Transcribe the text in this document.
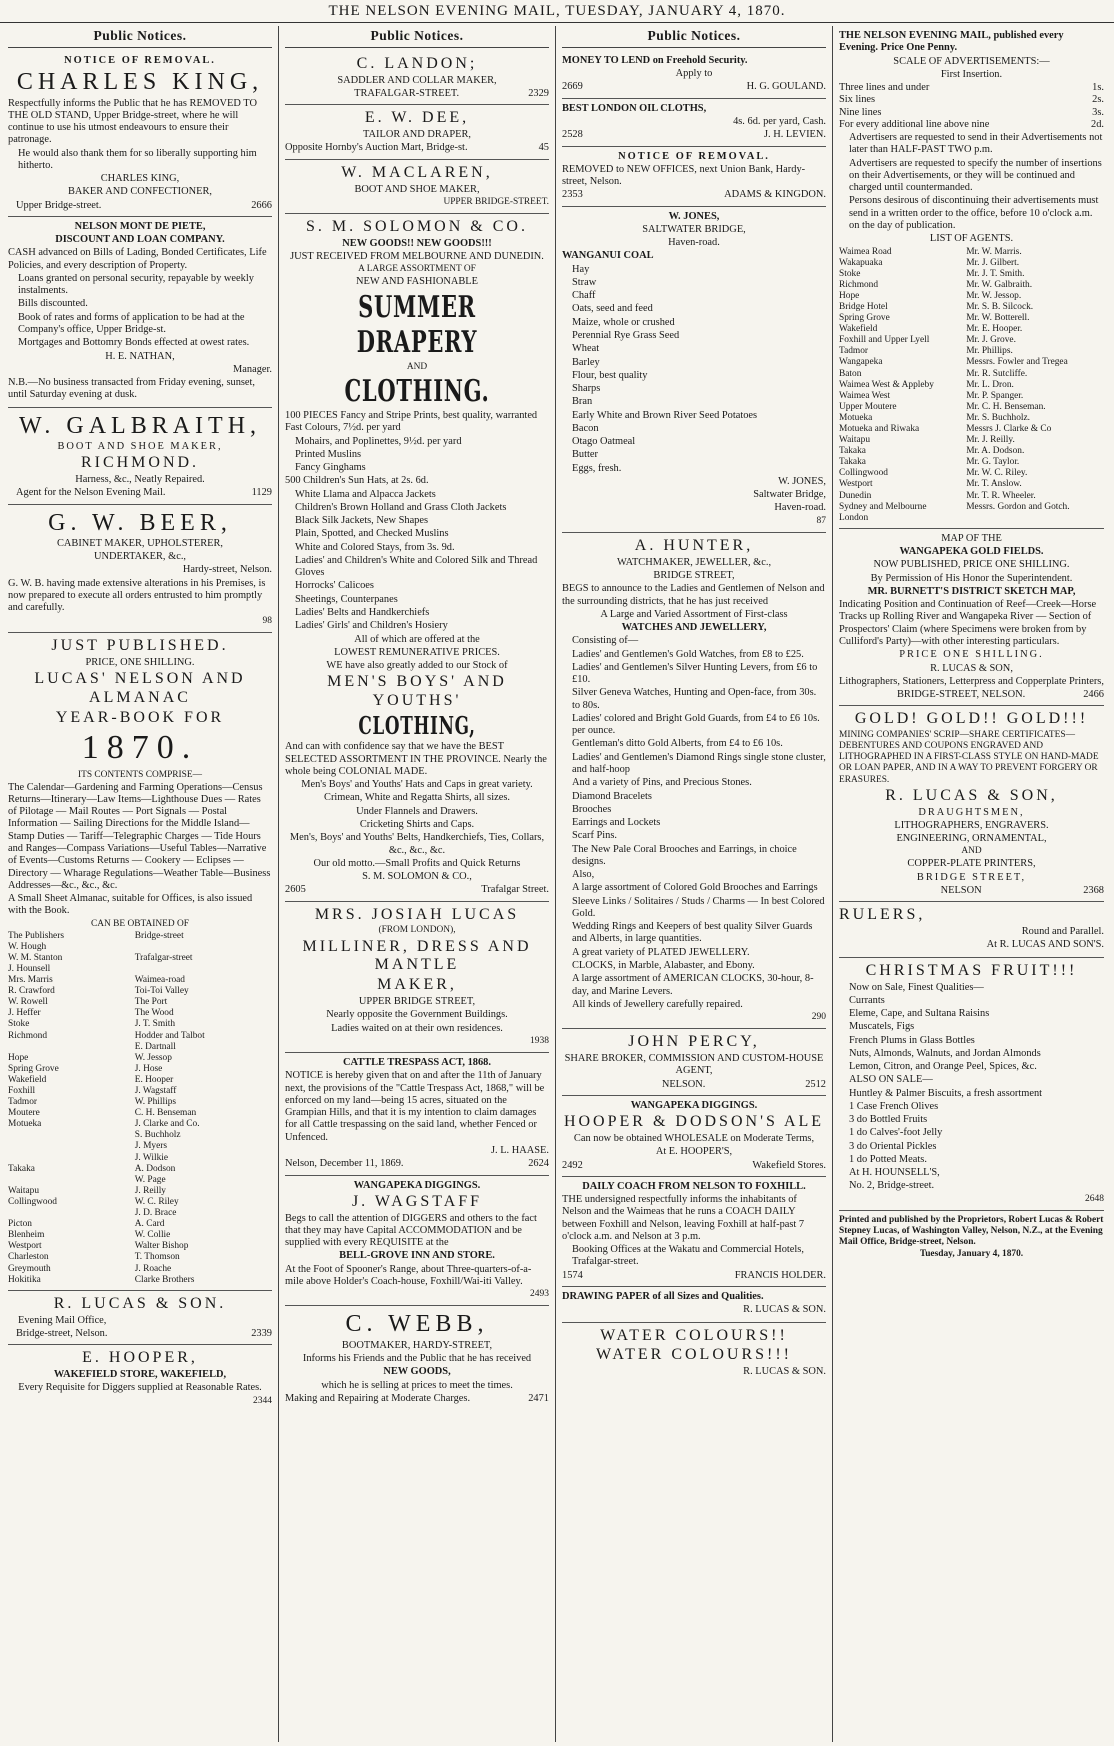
THE NELSON EVENING MAIL, TUESDAY, JANUARY 4, 1870.
Public Notices.

NOTICE OF REMOVAL.

CHARLES KING,

Respectfully informs the Public that he has REMOVED TO THE OLD STAND, Upper Bridge-street, where he will continue to use his utmost endeavours to ensure their patronage.

He would also thank them for so liberally supporting him hitherto.

CHARLES KING,

BAKER AND CONFECTIONER,

Upper Bridge-street.	2666

NELSON MONT DE PIETE,

DISCOUNT AND LOAN COMPANY.

CASH advanced on Bills of Lading, Bonded Certificates, Life Policies, and every description of Property.

Loans granted on personal security, repayable by weekly instalments.

Bills discounted.

Book of rates and forms of application to be had at the Company's office, Upper Bridge-st.

Mortgages and Bottomry Bonds effected at owest rates.

H. E. NATHAN,

Manager.

N.B.—No business transacted from Friday evening, sunset, until Saturday evening at dusk.

W. GALBRAITH,

BOOT AND SHOE MAKER,

RICHMOND.

Harness, &c., Neatly Repaired.

Agent for the Nelson Evening Mail.	1129

G. W. BEER,

CABINET MAKER, UPHOLSTERER,

UNDERTAKER, &c.,

Hardy-street, Nelson.

G. W. B. having made extensive alterations in his Premises, is now prepared to execute all orders entrusted to him promptly and carefully.

98

JUST PUBLISHED.

PRICE, ONE SHILLING.

LUCAS' NELSON AND ALMANAC

YEAR-BOOK FOR

1870.

ITS CONTENTS COMPRISE—

The Calendar—Gardening and Farming Operations—Census Returns—Itinerary—Law Items—Lighthouse Dues — Rates of Pilotage — Mail Routes — Port Signals — Postal Information — Sailing Directions for the Middle Island—Stamp Duties — Tariff—Telegraphic Charges — Tide Hours and Ranges—Compass Variations—Useful Tables—Narrative of Events—Customs Returns — Cookery — Eclipses — Directory — Wharage Regulations—Weather Table—Business Addresses—&c., &c., &c.

A Small Sheet Almanac, suitable for Offices, is also issued with the Book.

CAN BE OBTAINED OF

The Publishers	Bridge-street
W. Hough
W. M. Stanton	Trafalgar-street
J. Hounsell
Mrs. Marris	Waimea-road
R. Crawford	Toi-Toi Valley
W. Rowell	The Port
J. Heffer	The Wood
Stoke	J. T. Smith
Richmond	Hodder and Talbot
E. Dartnall
Hope	W. Jessop
Spring Grove	J. Hose
Wakefield	E. Hooper
Foxhill	J. Wagstaff
Tadmor	W. Phillips
Moutere	C. H. Benseman
Motueka	J. Clarke and Co.
S. Buchholz
J. Myers
J. Wilkie
Takaka	A. Dodson
W. Page
Waitapu	J. Reilly
Collingwood	W. C. Riley
J. D. Brace
Picton	A. Card
Blenheim	W. Collie
Westport	Walter Bishop
Charleston	T. Thomson
Greymouth	J. Roache
Hokitika	Clarke Brothers

R. LUCAS & SON.

Evening Mail Office,

Bridge-street, Nelson.	2339

E. HOOPER,

WAKEFIELD STORE, WAKEFIELD,

Every Requisite for Diggers supplied at Reasonable Rates.

2344

Public Notices.

C. LANDON;

SADDLER AND COLLAR MAKER,

TRAFALGAR-STREET.	2329

E. W. DEE,

TAILOR AND DRAPER,

Opposite Hornby's Auction Mart, Bridge-st.	45

W. MACLAREN,

BOOT AND SHOE MAKER,

UPPER BRIDGE-STREET.

S. M. SOLOMON & CO.

NEW GOODS!! NEW GOODS!!!

JUST RECEIVED FROM MELBOURNE AND DUNEDIN.

A LARGE ASSORTMENT OF

NEW AND FASHIONABLE

SUMMER DRAPERY

AND

CLOTHING.

100 PIECES Fancy and Stripe Prints, best quality, warranted Fast Colours, 7½d. per yard

Mohairs, and Poplinettes, 9½d. per yard

Printed Muslins

Fancy Ginghams

500 Children's Sun Hats, at 2s. 6d.

White Llama and Alpacca Jackets

Children's Brown Holland and Grass Cloth Jackets

Black Silk Jackets, New Shapes

Plain, Spotted, and Checked Muslins

White and Colored Stays, from 3s. 9d.

Ladies' and Children's White and Colored Silk and Thread Gloves

Horrocks' Calicoes

Sheetings, Counterpanes

Ladies' Belts and Handkerchiefs

Ladies' Girls' and Children's Hosiery

All of which are offered at the

LOWEST REMUNERATIVE PRICES.

WE have also greatly added to our Stock of

MEN'S BOYS' AND YOUTHS'

CLOTHING,

And can with confidence say that we have the BEST SELECTED ASSORTMENT IN THE PROVINCE. Nearly the whole being COLONIAL MADE.

Men's Boys' and Youths' Hats and Caps in great variety.

Crimean, White and Regatta Shirts, all sizes.

Under Flannels and Drawers.

Cricketing Shirts and Caps.

Men's, Boys' and Youths' Belts, Handkerchiefs, Ties, Collars, &c., &c., &c.

Our old motto.—Small Profits and Quick Returns

S. M. SOLOMON & CO.,

2605	Trafalgar Street.

MRS. JOSIAH LUCAS

(FROM LONDON),

MILLINER, DRESS AND MANTLE

MAKER,

UPPER BRIDGE STREET,

Nearly opposite the Government Buildings.

Ladies waited on at their own residences.

1938

CATTLE TRESPASS ACT, 1868.

NOTICE is hereby given that on and after the 11th of January next, the provisions of the "Cattle Trespass Act, 1868," will be enforced on my land—being 15 acres, situated on the Grampian Hills, and that it is my intention to claim damages for all Cattle trespassing on the said land, whether Fenced or Unfenced.

J. L. HAASE.

Nelson, December 11, 1869.	2624

WANGAPEKA DIGGINGS.

J. WAGSTAFF

Begs to call the attention of DIGGERS and others to the fact that they may have Capital ACCOMMODATION and be supplied with every REQUISITE at the

BELL-GROVE INN AND STORE.

At the Foot of Spooner's Range, about Three-quarters-of-a-mile above Holder's Coach-house, Foxhill/Wai-iti Valley.

2493

C. WEBB,

BOOTMAKER, HARDY-STREET,

Informs his Friends and the Public that he has received

NEW GOODS,

which he is selling at prices to meet the times.

Making and Repairing at Moderate Charges.	2471
Public Notices.

MONEY TO LEND on Freehold Security.

Apply to

2669	H. G. GOULAND.

BEST LONDON OIL CLOTHS,

4s. 6d. per yard, Cash.

2528	J. H. LEVIEN.

NOTICE OF REMOVAL.

REMOVED to NEW OFFICES, next Union Bank, Hardy-street, Nelson.

2353	ADAMS & KINGDON.

W. JONES,

SALTWATER BRIDGE,

Haven-road.

WANGANUI COAL

Hay

Straw

Chaff

Oats, seed and feed

Maize, whole or crushed

Perennial Rye Grass Seed

Wheat

Barley

Flour, best quality

Sharps

Bran

Early White and Brown River Seed Potatoes

Bacon

Otago Oatmeal

Butter

Eggs, fresh.

W. JONES,

Saltwater Bridge,

Haven-road.

87

A. HUNTER,

WATCHMAKER, JEWELLER, &c.,

BRIDGE STREET,

BEGS to announce to the Ladies and Gentlemen of Nelson and the surrounding districts, that he has just received

A Large and Varied Assortment of First-class

WATCHES AND JEWELLERY,

Consisting of—

Ladies' and Gentlemen's Gold Watches, from £8 to £25.

Ladies' and Gentlemen's Silver Hunting Levers, from £6 to £10.

Silver Geneva Watches, Hunting and Open-face, from 30s. to 80s.

Ladies' colored and Bright Gold Guards, from £4 to £6 10s. per ounce.

Gentleman's ditto Gold Alberts, from £4 to £6 10s.

Ladies' and Gentlemen's Diamond Rings single stone cluster, and half-hoop

And a variety of Pins, and Precious Stones.

Diamond Bracelets

Brooches

Earrings and Lockets

Scarf Pins.

The New Pale Coral Brooches and Earrings, in choice designs.

Also,

A large assortment of Colored Gold Brooches and Earrings

Sleeve Links / Solitaires / Studs / Charms — In best Colored Gold.

Wedding Rings and Keepers of best quality Silver Guards and Alberts, in large quantities.

A great variety of PLATED JEWELLERY.

CLOCKS, in Marble, Alabaster, and Ebony.

A large assortment of AMERICAN CLOCKS, 30-hour, 8-day, and Marine Levers.

All kinds of Jewellery carefully repaired.

290

JOHN PERCY,

SHARE BROKER, COMMISSION AND CUSTOM-HOUSE AGENT,

NELSON.	2512

WANGAPEKA DIGGINGS.

HOOPER & DODSON'S ALE

Can now be obtained WHOLESALE on Moderate Terms,

At E. HOOPER'S,

2492	Wakefield Stores.

DAILY COACH FROM NELSON TO FOXHILL.

THE undersigned respectfully informs the inhabitants of Nelson and the Waimeas that he runs a COACH DAILY between Foxhill and Nelson, leaving Foxhill at half-past 7 o'clock a.m. and Nelson at 3 p.m.

Booking Offices at the Wakatu and Commercial Hotels, Trafalgar-street.

1574	FRANCIS HOLDER.

DRAWING PAPER of all Sizes and Qualities.

R. LUCAS & SON.

WATER COLOURS!!

WATER COLOURS!!!

R. LUCAS & SON.

THE NELSON EVENING MAIL, published every Evening. Price One Penny.

SCALE OF ADVERTISEMENTS:—

First Insertion.

Three lines and under	1s.
Six lines	2s.
Nine lines	3s.
For every additional line above nine	2d.

Advertisers are requested to send in their Advertisements not later than HALF-PAST TWO p.m.

Advertisers are requested to specify the number of insertions on their Advertisements, or they will be continued and charged until countermanded.

Persons desirous of discontinuing their advertisements must send in a written order to the office, before 10 o'clock a.m. on the day of publication.

LIST OF AGENTS.

Waimea Road	Mr. W. Marris.
Wakapuaka	Mr. J. Gilbert.
Stoke	Mr. J. T. Smith.
Richmond	Mr. W. Galbraith.
Hope	Mr. W. Jessop.
Bridge Hotel	Mr. S. B. Silcock.
Spring Grove	Mr. W. Botterell.
Wakefield	Mr. E. Hooper.
Foxhill and Upper Lyell	Mr. J. Grove.
Tadmor	Mr. Phillips.
Wangapeka	Messrs. Fowler and Tregea
Baton	Mr. R. Sutcliffe.
Waimea West & Appleby	Mr. L. Dron.
Waimea West	Mr. P. Spanger.
Upper Moutere	Mr. C. H. Benseman.
Motueka	Mr. S. Buchholz.
Motueka and Riwaka	Messrs J. Clarke & Co
Waitapu	Mr. J. Reilly.
Takaka	Mr. A. Dodson.
Takaka	Mr. G. Taylor.
Collingwood	Mr. W. C. Riley.
Westport	Mr. T. Anslow.
Dunedin	Mr. T. R. Wheeler.
Sydney and Melbourne	Messrs. Gordon and Gotch.
London

MAP OF THE

WANGAPEKA GOLD FIELDS.

NOW PUBLISHED, PRICE ONE SHILLING.

By Permission of His Honor the Superintendent.

MR. BURNETT'S DISTRICT SKETCH MAP,

Indicating Position and Continuation of Reef—Creek—Horse Tracks up Rolling River and Wangapeka River — Section of Prospectors' Claim (where Specimens were broken from by Culliford's Party)—with other interesting particulars.

PRICE ONE SHILLING.

R. LUCAS & SON,

Lithographers, Stationers, Letterpress and Copperplate Printers,

BRIDGE-STREET, NELSON.	2466

GOLD! GOLD!! GOLD!!!

MINING COMPANIES' SCRIP—SHARE CERTIFICATES—DEBENTURES AND COUPONS ENGRAVED AND LITHOGRAPHED IN A FIRST-CLASS STYLE ON HAND-MADE OR LOAN PAPER, AND IN A WAY TO PREVENT FORGERY OR ERASURES.

R. LUCAS & SON,

DRAUGHTSMEN,

LITHOGRAPHERS, ENGRAVERS.

ENGINEERING, ORNAMENTAL,

AND

COPPER-PLATE PRINTERS,

BRIDGE STREET,

NELSON	2368

RULERS,

Round and Parallel.

At R. LUCAS AND SON'S.

CHRISTMAS FRUIT!!!

Now on Sale, Finest Qualities—

Currants

Eleme, Cape, and Sultana Raisins

Muscatels, Figs

French Plums in Glass Bottles

Nuts, Almonds, Walnuts, and Jordan Almonds

Lemon, Citron, and Orange Peel, Spices, &c.

ALSO ON SALE—

Huntley & Palmer Biscuits, a fresh assortment

1 Case French Olives

3 do Bottled Fruits

1 do Calves'-foot Jelly

3 do Oriental Pickles

1 do Potted Meats.

At H. HOUNSELL'S,

No. 2, Bridge-street.

2648

Printed and published by the Proprietors, Robert Lucas & Robert Stepney Lucas, of Washington Valley, Nelson, N.Z., at the Evening Mail Office, Bridge-street, Nelson.

Tuesday, January 4, 1870.
